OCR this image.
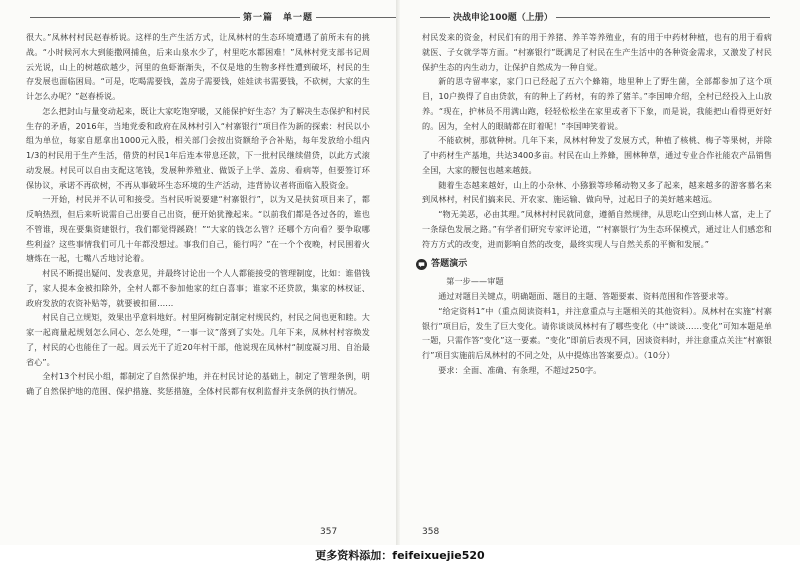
第一篇　单一题

很大。”凤林村村民赵春桥说。这样的生产生活方式，让凤林村的生态环境遭遇了前所未有的挑战。“小时候河水大到能撒网捕鱼，后来山泉水少了，村里吃水都困难！”凤林村党支部书记周云光说，山上的树越砍越少，河里的鱼虾渐渐失，不仅是地的生物多样性遭到破坏，村民的生存发展也面临困局。“可是，吃喝需要钱，盖房子需要钱，娃娃读书需要钱，不砍树，大家的生计怎么办呢？”赵春桥说。

怎么把封山与量变动起来，既让大家吃饱穿暖，又能保护好生态？为了解决生态保护和村民生存的矛盾，2016年，当地党委和政府在凤林村引入“村寨银行”项目作为新的探索：村民以小组为单位，每家自愿拿出1000元入股，相关部门会按出资额给予合补贴，每年发放给小组内1/3的村民用于生产生活，借贷的村民1年后连本带息还款，下一批村民继续借贷，以此方式滚动发展。村民可以自由支配这笔钱，发展种养殖业、做饭子上学、盖房、看病等，但要签订环保协议，承诺不再砍树，不再从事破坏生态环境的生产活动，违背协议者将面临入股资金。

一开始，村民并不认可和接受。当村民听说要建“村寨银行”，以为又是扶贫项目来了，都反响热烈，但后来听说需自己出要自己出资，便开始犹豫起来。“以前我们都是各过各的，谁也不管谁，现在要集资建银行，我们都觉得蹊跷！”“大家的钱怎么管？还哪个方向看？要争取哪些利益？这些事情我们可几十年都没想过。事我们自己，能行吗？”在一个个夜晚，村民围着火塘炼在一起，七嘴八舌地讨论着。

村民不断提出疑问、发表意见，并最终讨论出一个人人都能接受的管理制度，比如：谁借钱了，家人提本金被扣除外，全村人都不参加他家的红白喜事；谁家不还贷款，集家的林权证、政府发放的农资补贴等，就要被扣留……

村民自己立规矩，效果出乎意料地好。村里阿梅制定制定村规民约，村民之间也更和睦。大家一起商量起规划怎么同心、怎么处理，“一事一议”落到了实处。几年下来，凤林村村容焕发了，村民的心也能住了一起。周云光干了近20年村干部，他说现在凤林村“制度凝习用、自治最省心”。

全村13个村民小组，都制定了自然保护地，并在村民讨论的基础上，制定了管理条例，明确了自然保护地的范围、保护措施、奖惩措施，全体村民都有权利监督并支条例的执行情况。

357
决战申论100题（上册）

村民发来的资金，村民们有的用于养猪、养羊等养殖业，有的用于中药材种植，也有的用于看病就医、子女就学等方面。“村寨银行”既满足了村民在生产生活中的各种资金需求，又激发了村民保护生态的内生动力，让保护自然成为一种自觉。

新的思寺留率家，家门口已经起了五六个蜂箱，地里种上了野生菌，全部都参加了这个项目，10户换得了自由贷款，有的种上了药材，有的养了猪羊。”李国呻介绍，全村已经投入上山放养。“现在，护林员不用满山跑，轻轻松松坐在家里或者下下象，而是说，我能把山看得更好好的。因为，全村人的眼睛都在盯着呢！”李国呻笑着说。

不能砍树，那就种树。几年下来，凤林村种发了发展方式，种植了核桃、梅子等果树，并除了中药材生产基地，共达3400多亩。村民在山上养蜂，围林种草，通过专业合作社能农产品销售全国，大家的腰包也越来越鼓。

随着生态越来越好，山上的小杂林、小猕猴等珍稀动物又多了起来，越来越多的游客慕名来到凤林村，村民们搞来民、开农家、施运输、做向导，过起日子的美好越来越远。

“物无美恶，必由其理。”凤林村村民就同意，遵循自然规律，从思吃山空到山林人富，走上了一条绿色发展之路。”有学者们研究专家评论道，“‘村寨银行’为生态环保模式，通过让人们感恋和符方方式的改变，进而影响自然的改变，最终实现人与自然关系的平衡和发展。”

答题演示

第一步——审题

通过对题目关键点，明确题面、题目的主题、答题要素、资料范围和作答要求等。

“给定资料1”中（重点阅读资料1，并注意重点与主题相关的其他资料）。凤林村在实施“村寨银行”项目后，发生了巨大变化。请你谈谈凤林村有了哪些变化（中“谈谈……变化”可知本题是单一题，只需作答“变化”这一要素。“变化”即前后表现不同，因谈资料时，并注意重点关注“村寨银行”项目实施前后凤林村的不同之处，从中提炼出答案要点）。（10分）

要求：全面、准确、有条理，不超过250字。

358
更多资料添加：feifeixuejie520
